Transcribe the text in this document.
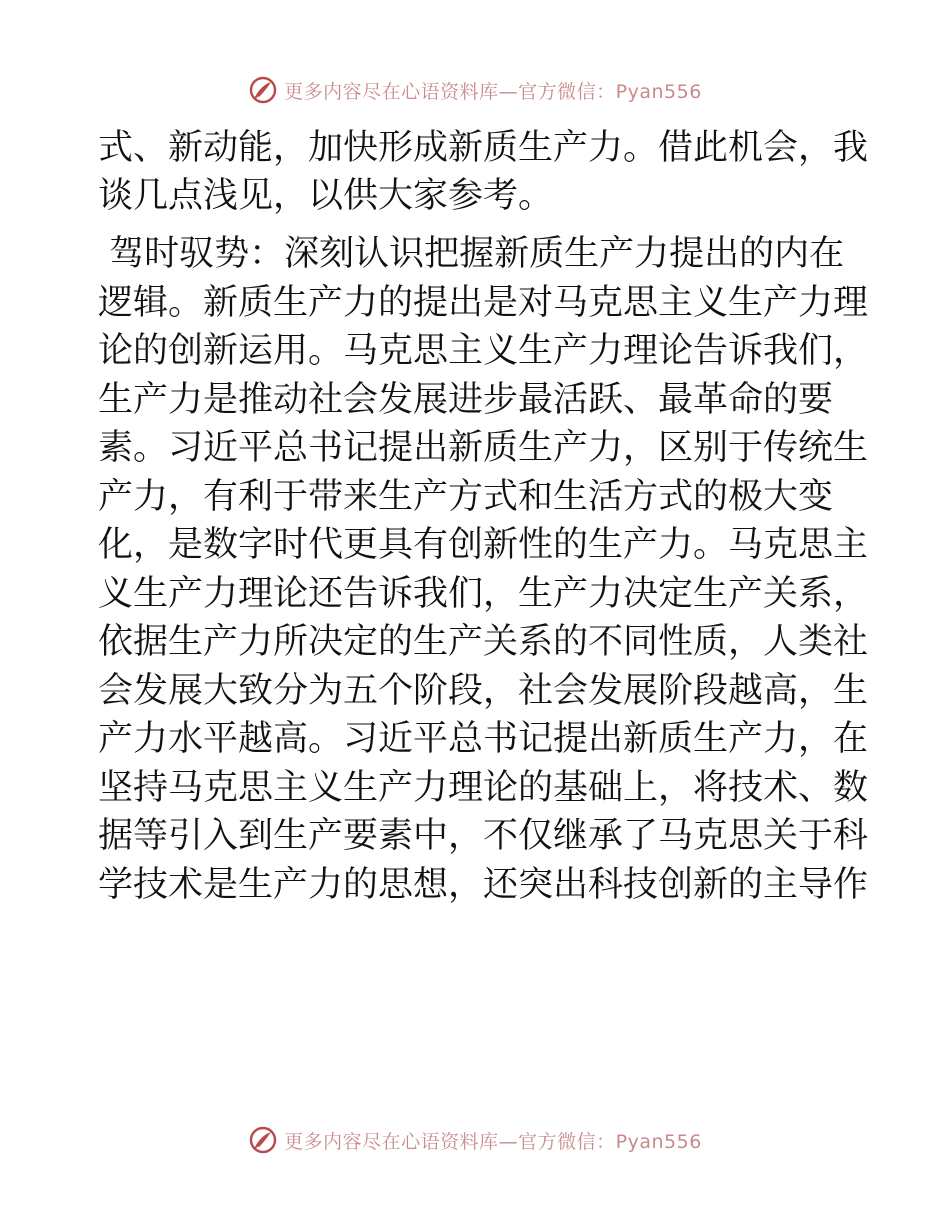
更多内容尽在心语资料库—官方微信：Pyan556

式、新动能，加快形成新质生产力。借此机会，我
谈几点浅见，以供大家参考。

驾时驭势：深刻认识把握新质生产力提出的内在
逻辑。新质生产力的提出是对马克思主义生产力理
论的创新运用。马克思主义生产力理论告诉我们，
生产力是推动社会发展进步最活跃、最革命的要
素。习近平总书记提出新质生产力，区别于传统生
产力，有利于带来生产方式和生活方式的极大变
化，是数字时代更具有创新性的生产力。马克思主
义生产力理论还告诉我们，生产力决定生产关系，
依据生产力所决定的生产关系的不同性质，人类社
会发展大致分为五个阶段，社会发展阶段越高，生
产力水平越高。习近平总书记提出新质生产力，在
坚持马克思主义生产力理论的基础上，将技术、数
据等引入到生产要素中，不仅继承了马克思关于科
学技术是生产力的思想，还突出科技创新的主导作

更多内容尽在心语资料库—官方微信：Pyan556
